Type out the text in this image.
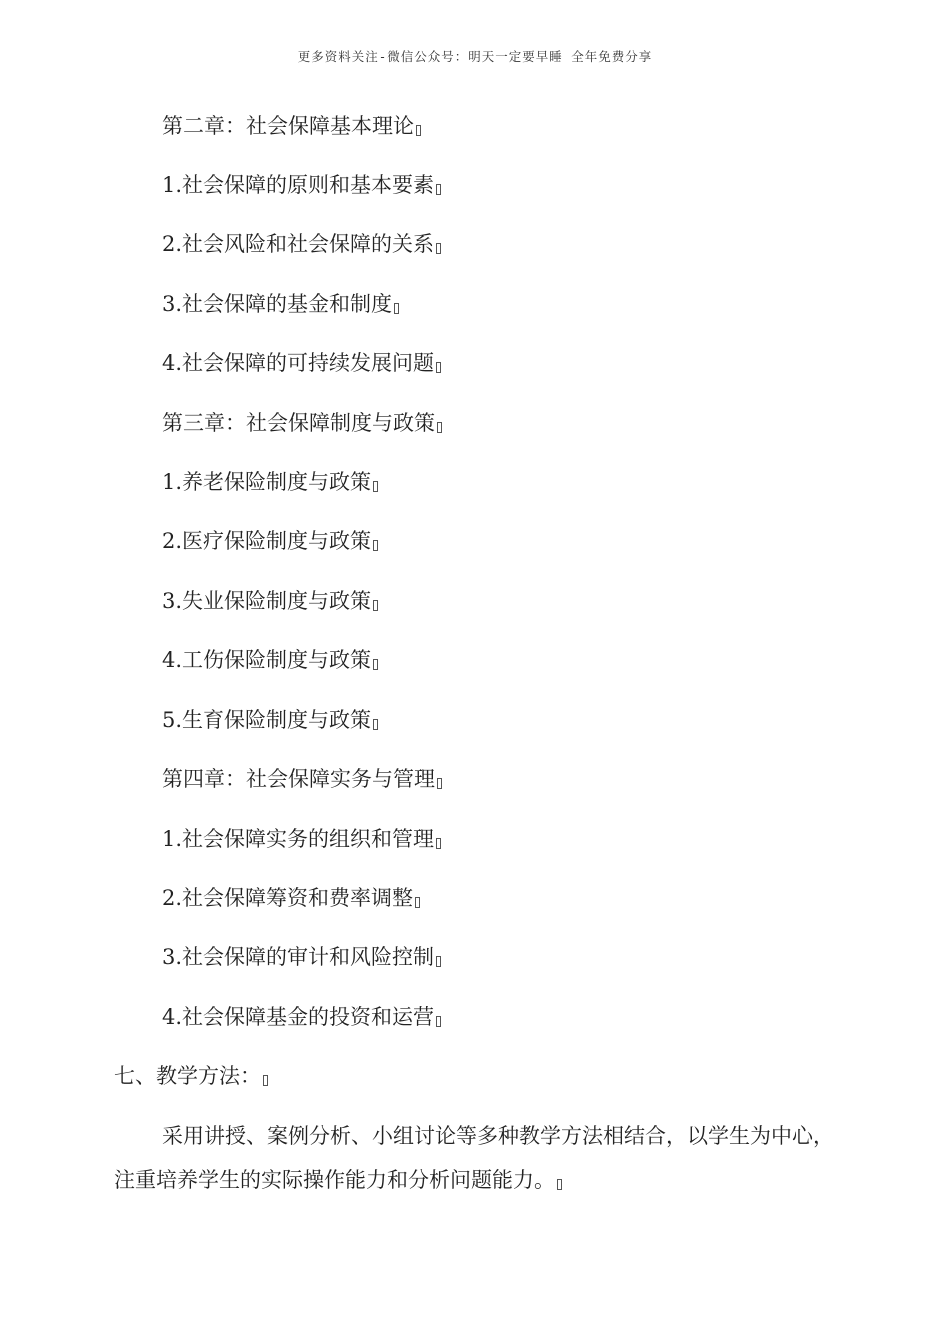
更多资料关注-微信公众号：明天一定要早睡 全年免费分享
第二章：社会保障基本理论
1.社会保障的原则和基本要素
2.社会风险和社会保障的关系
3.社会保障的基金和制度
4.社会保障的可持续发展问题
第三章：社会保障制度与政策
1.养老保险制度与政策
2.医疗保险制度与政策
3.失业保险制度与政策
4.工伤保险制度与政策
5.生育保险制度与政策
第四章：社会保障实务与管理
1.社会保障实务的组织和管理
2.社会保障筹资和费率调整
3.社会保障的审计和风险控制
4.社会保障基金的投资和运营
七、教学方法：
采用讲授、案例分析、小组讨论等多种教学方法相结合，以学生为中心，注重培养学生的实际操作能力和分析问题能力。
